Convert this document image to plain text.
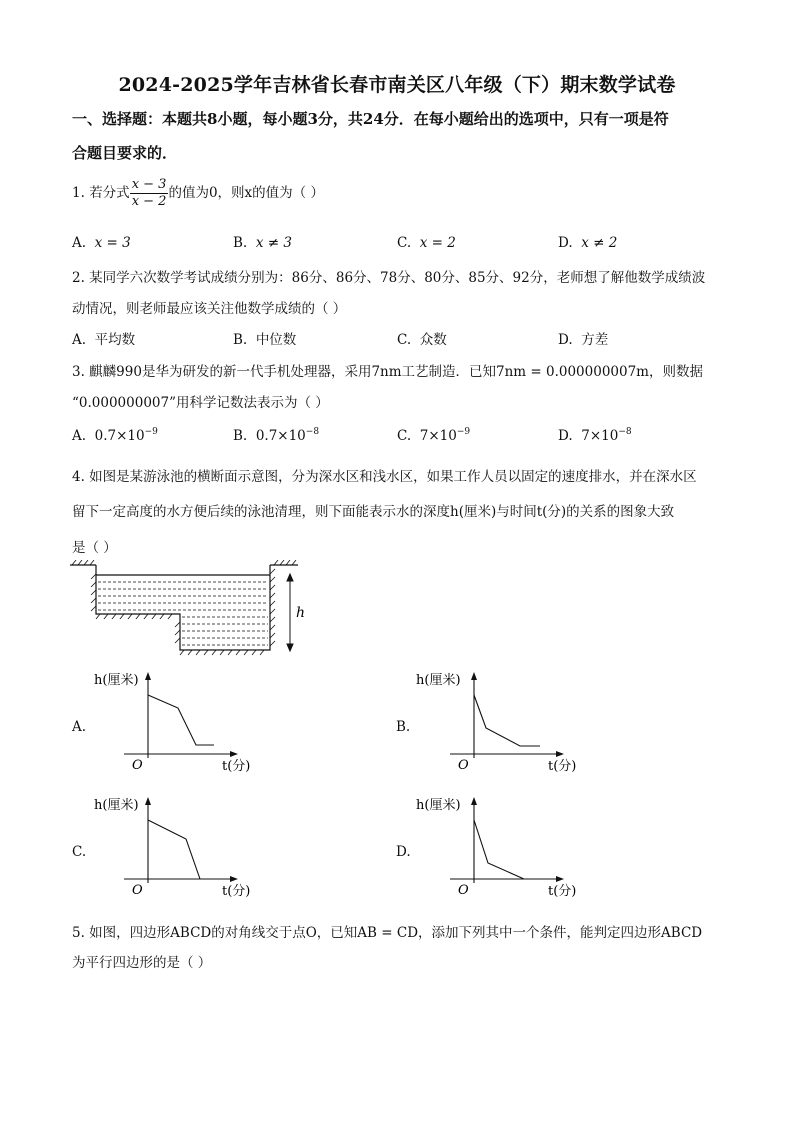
2024-2025学年吉林省长春市南关区八年级（下）期末数学试卷
一、选择题：本题共8小题，每小题3分，共24分．在每小题给出的选项中，只有一项是符
合题目要求的．
1. 若分式 $\frac{x - 3}{x - 2}$ 的值为0，则x的值为（ ）
A. x = 3	B. x ≠ 3	C. x = 2	D. x ≠ 2
2. 某同学六次数学考试成绩分别为：86分、86分、78分、80分、85分、92分，老师想了解他数学成绩波
动情况，则老师最应该关注他数学成绩的（ ）
A. 平均数	B. 中位数	C. 众数	D. 方差
3. 麒麟990是华为研发的新一代手机处理器，采用7nm工艺制造．已知7nm = 0.000000007m，则数据
“0.000000007”用科学记数法表示为（ ）
A. $0.7\times 10^{-9}$	B. $0.7\times 10^{-8}$	C. $7\times 10^{-9}$	D. $7\times 10^{-8}$
4. 如图是某游泳池的横断面示意图，分为深水区和浅水区，如果工作人员以固定的速度排水，并在深水区
留下一定高度的水方便后续的泳池清理，则下面能表示水的深度h(厘米)与时间t(分)的关系的图象大致
是（ ）
h
A.	B.
C.	D.
h(厘米)
O	t(分)
h(厘米)
O	t(分)
h(厘米)
O	t(分)
h(厘米)
O	t(分)
5. 如图，四边形ABCD的对角线交于点O，已知AB = CD，添加下列其中一个条件，能判定四边形ABCD
为平行四边形的是（ ）
